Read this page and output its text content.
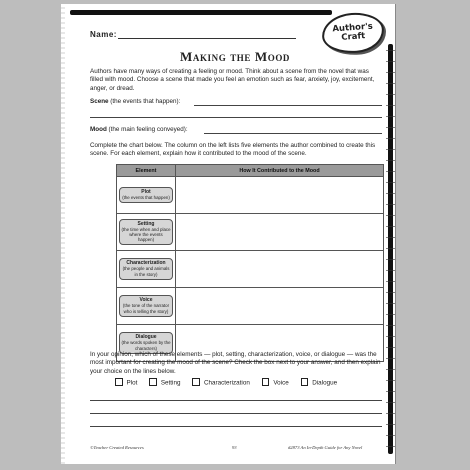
Author's
Craft
Name:
Making the Mood
Authors have many ways of creating a feeling or mood. Think about a scene from the novel that was filled with mood. Choose a scene that made you feel an emotion such as fear, anxiety, joy, excitement, anger, or dread.
Scene (the events that happen):
Mood (the main feeling conveyed):
Complete the chart below. The column on the left lists five elements the author combined to create this scene. For each element, explain how it contributed to the mood of the scene.
Element	How It Contributed to the Mood

Plot
(the events that happen)	

Setting
(the time when and place where the events happen)	

Characterization
(the people and animals in the story)	

Voice
(the tone of the narrator who is telling the story)	

Dialogue
(the words spoken by the characters)	

In your opinion, which of these elements — plot, setting, characterization, voice, or dialogue — was the most important for creating the mood of the scene? Check the box next to your answer, and then explain your choice on the lines below.
Plot	Setting	Characterization	Voice	Dialogue
©Teacher Created Resources	93	#2873 An In-Depth Guide for Any Novel
